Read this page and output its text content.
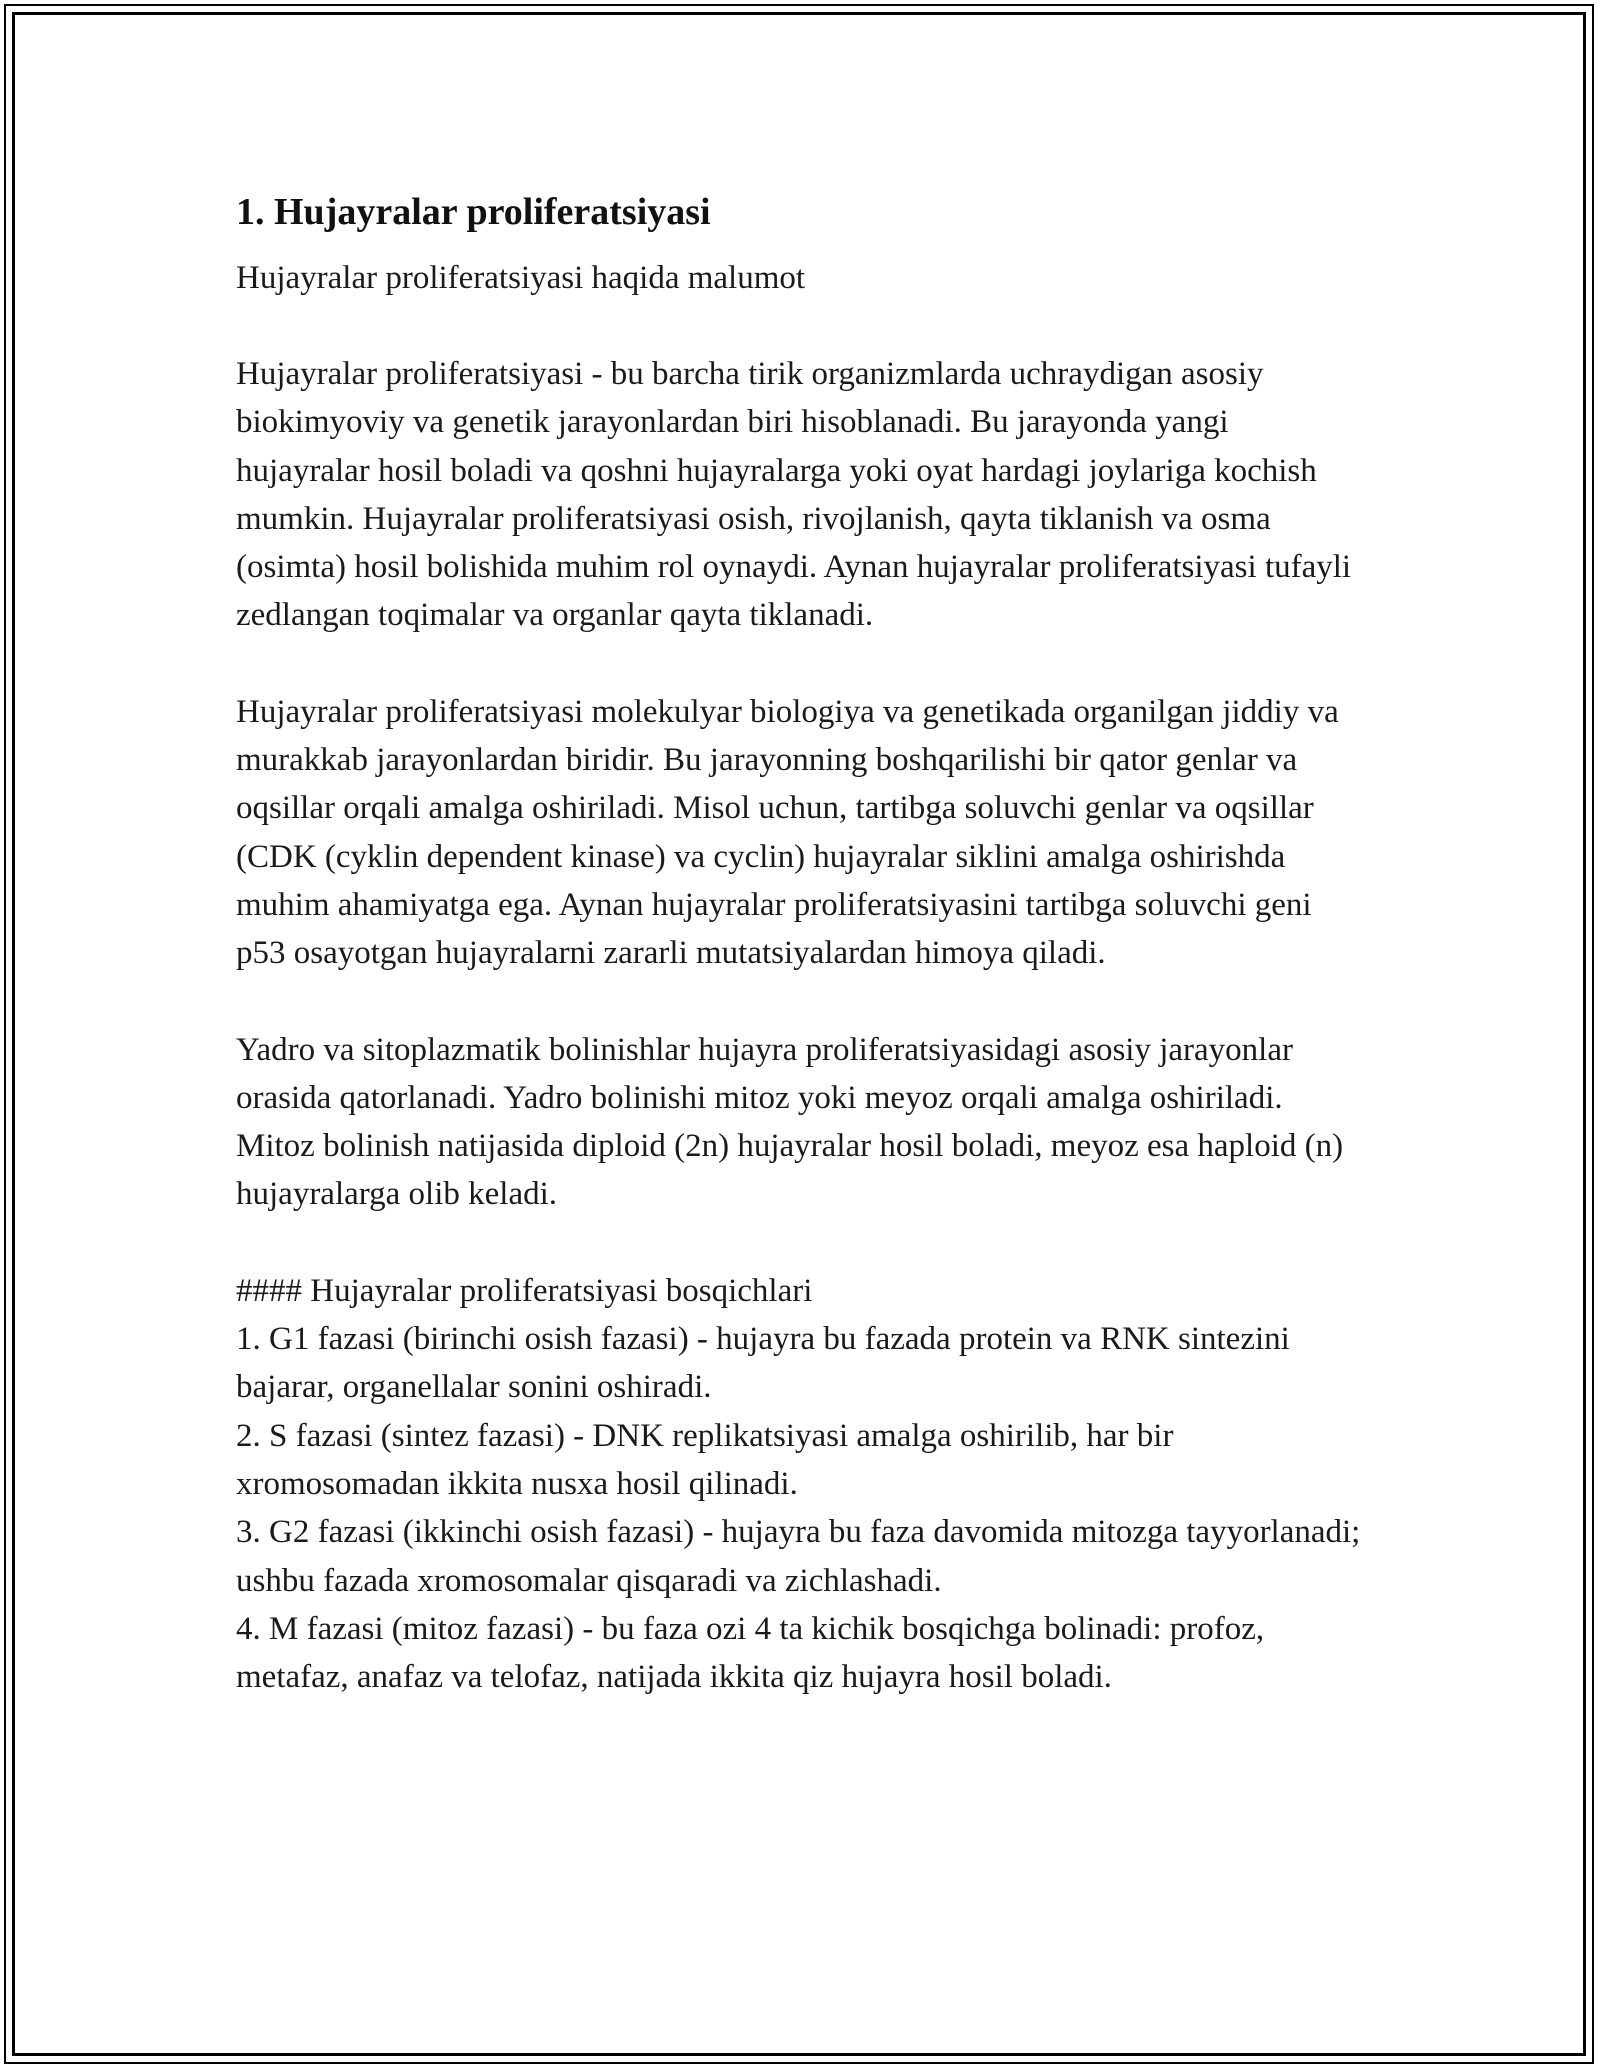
1. Hujayralar proliferatsiyasi

Hujayralar proliferatsiyasi haqida malumot

Hujayralar proliferatsiyasi - bu barcha tirik organizmlarda uchraydigan asosiy biokimyoviy va genetik jarayonlardan biri hisoblanadi. Bu jarayonda yangi hujayralar hosil boladi va qoshni hujayralarga yoki oyat hardagi joylariga kochish mumkin. Hujayralar proliferatsiyasi osish, rivojlanish, qayta tiklanish va osma (osimta) hosil bolishida muhim rol oynaydi. Aynan hujayralar proliferatsiyasi tufayli zedlangan toqimalar va organlar qayta tiklanadi.

Hujayralar proliferatsiyasi molekulyar biologiya va genetikada organilgan jiddiy va murakkab jarayonlardan biridir. Bu jarayonning boshqarilishi bir qator genlar va oqsillar orqali amalga oshiriladi. Misol uchun, tartibga soluvchi genlar va oqsillar (CDK (cyklin dependent kinase) va cyclin) hujayralar siklini amalga oshirishda muhim ahamiyatga ega. Aynan hujayralar proliferatsiyasini tartibga soluvchi geni p53 osayotgan hujayralarni zararli mutatsiyalardan himoya qiladi.

Yadro va sitoplazmatik bolinishlar hujayra proliferatsiyasidagi asosiy jarayonlar orasida qatorlanadi. Yadro bolinishi mitoz yoki meyoz orqali amalga oshiriladi. Mitoz bolinish natijasida diploid (2n) hujayralar hosil boladi, meyoz esa haploid (n) hujayralarga olib keladi.

#### Hujayralar proliferatsiyasi bosqichlari
1. G1 fazasi (birinchi osish fazasi) - hujayra bu fazada protein va RNK sintezini bajarar, organellalar sonini oshiradi.
2. S fazasi (sintez fazasi) - DNK replikatsiyasi amalga oshirilib, har bir xromosomadan ikkita nusxa hosil qilinadi.
3. G2 fazasi (ikkinchi osish fazasi) - hujayra bu faza davomida mitozga tayyorlanadi; ushbu fazada xromosomalar qisqaradi va zichlashadi.
4. M fazasi (mitoz fazasi) - bu faza ozi 4 ta kichik bosqichga bolinadi: profoz, metafaz, anafaz va telofaz, natijada ikkita qiz hujayra hosil boladi.
